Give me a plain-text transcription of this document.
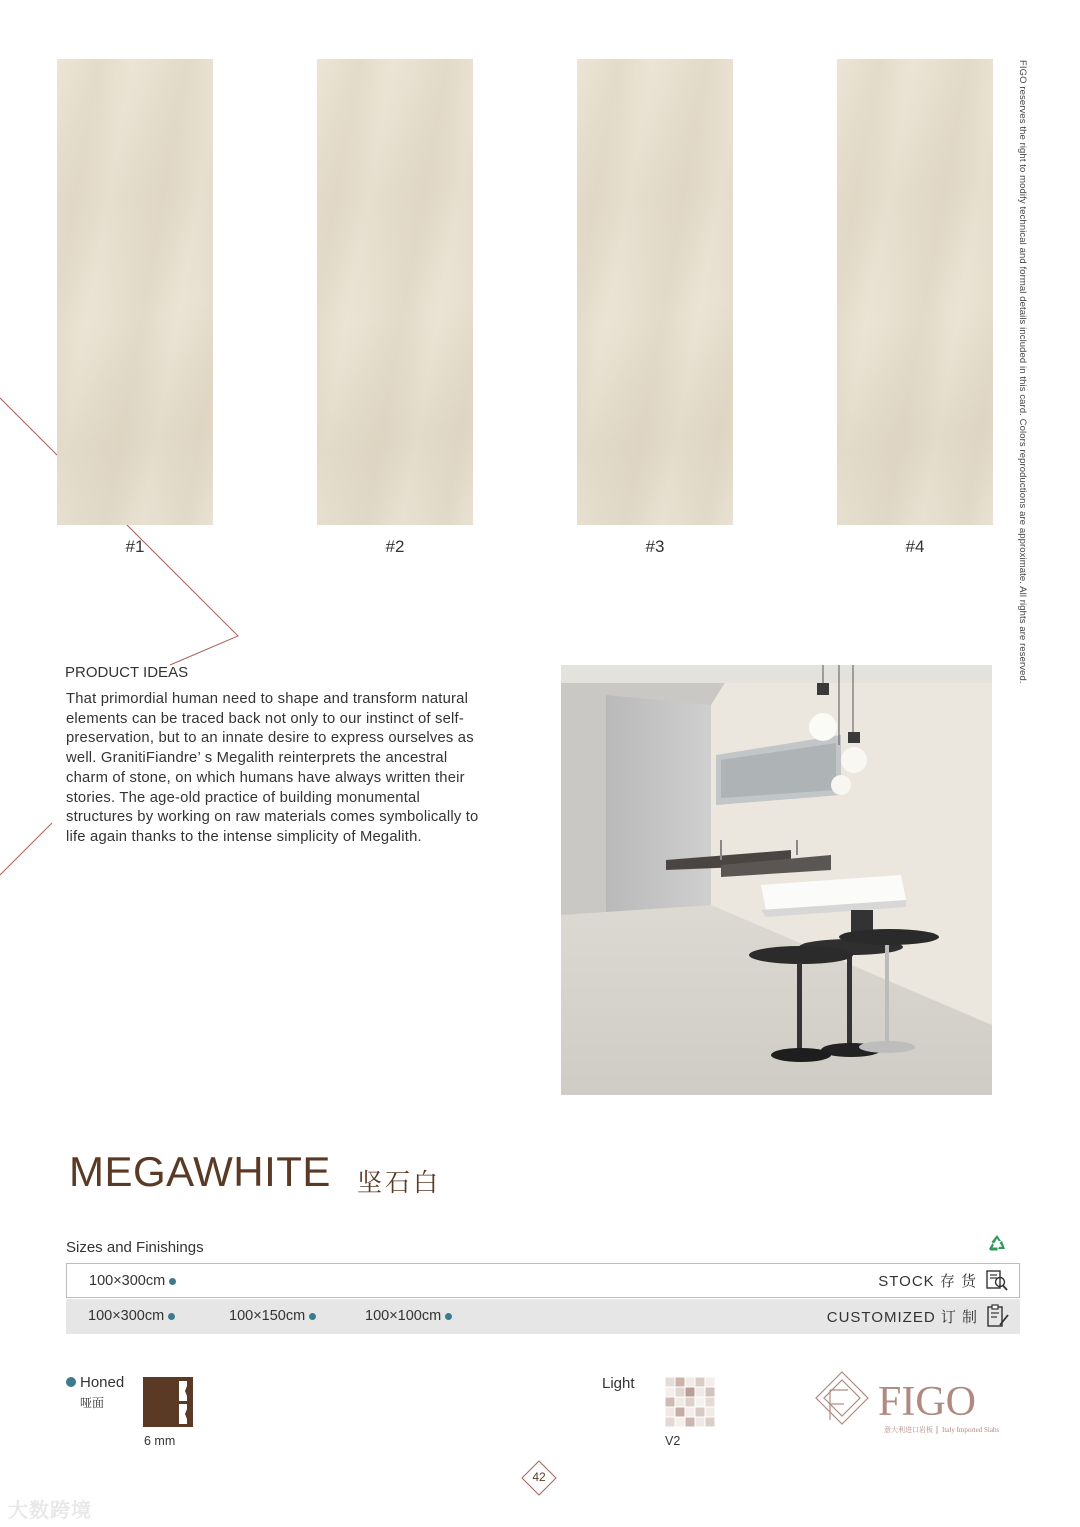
#1	#2	#3	#4	FIGO reserves the right to modify technical and formal details included in this card. Colors reproductions are approximate. All rights are reserved.
PRODUCT IDEAS
That primordial human need to shape and transform natural elements can be traced back not only to our instinct of self-preservation, but to an innate desire to express ourselves as well. GranitiFiandre’ s Megalith reinterprets the ancestral charm of stone, on which humans have always written their stories. The age-old practice of building monumental structures by working on raw materials comes symbolically to life again thanks to the intense simplicity of Megalith.
MEGAWHITE 坚石白
Sizes and Finishings
100×300cm	STOCK 存 货
100×300cm	100×150cm	100×100cm	CUSTOMIZED 订 制
Honed
哑面
6 mm
Light
V2
FIGO
意大利进口岩板 Italy Imported Slabs
42
大数跨境
